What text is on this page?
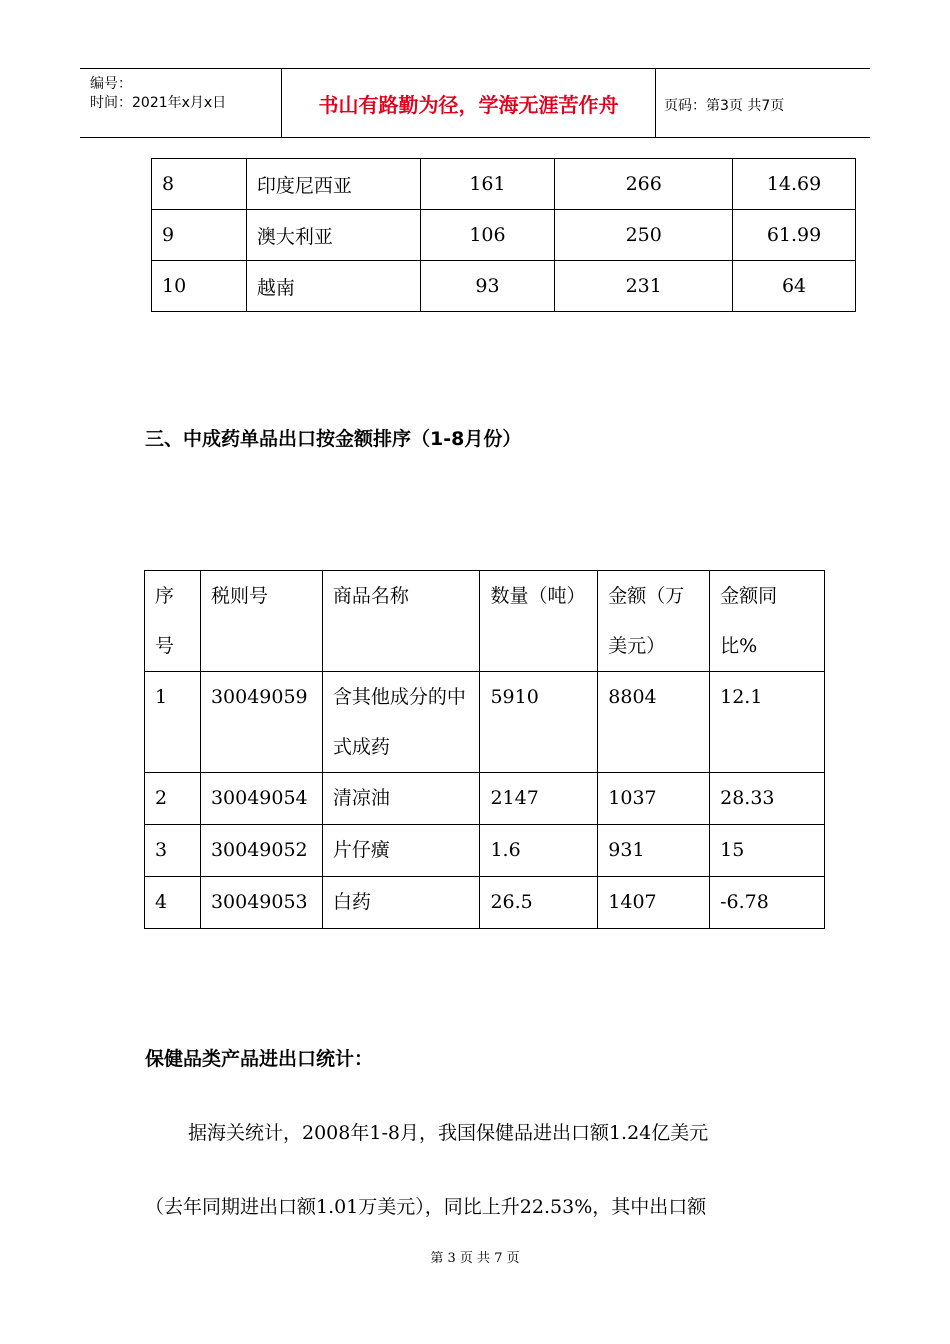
编号：
时间：2021年x月x日	书山有路勤为径，学海无涯苦作舟	页码：第3页 共7页
8	印度尼西亚	161	266	14.69
9	澳大利亚	106	250	61.99
10	越南	93	231	64
三、中成药单品出口按金额排序（1-8月份）
序号	税则号	商品名称	数量（吨）	金额（万美元）	金额同比%

1	30049059	含其他成分的中式成药	5910	8804	12.1

2	30049054	清凉油	2147	1037	28.33

3	30049052	片仔癀	1.6	931	15

4	30049053	白药	26.5	1407	-6.78
保健品类产品进出口统计：
据海关统计，2008年1-8月，我国保健品进出口额1.24亿美元
（去年同期进出口额1.01万美元），同比上升22.53%，其中出口额
第 3 页 共 7 页
